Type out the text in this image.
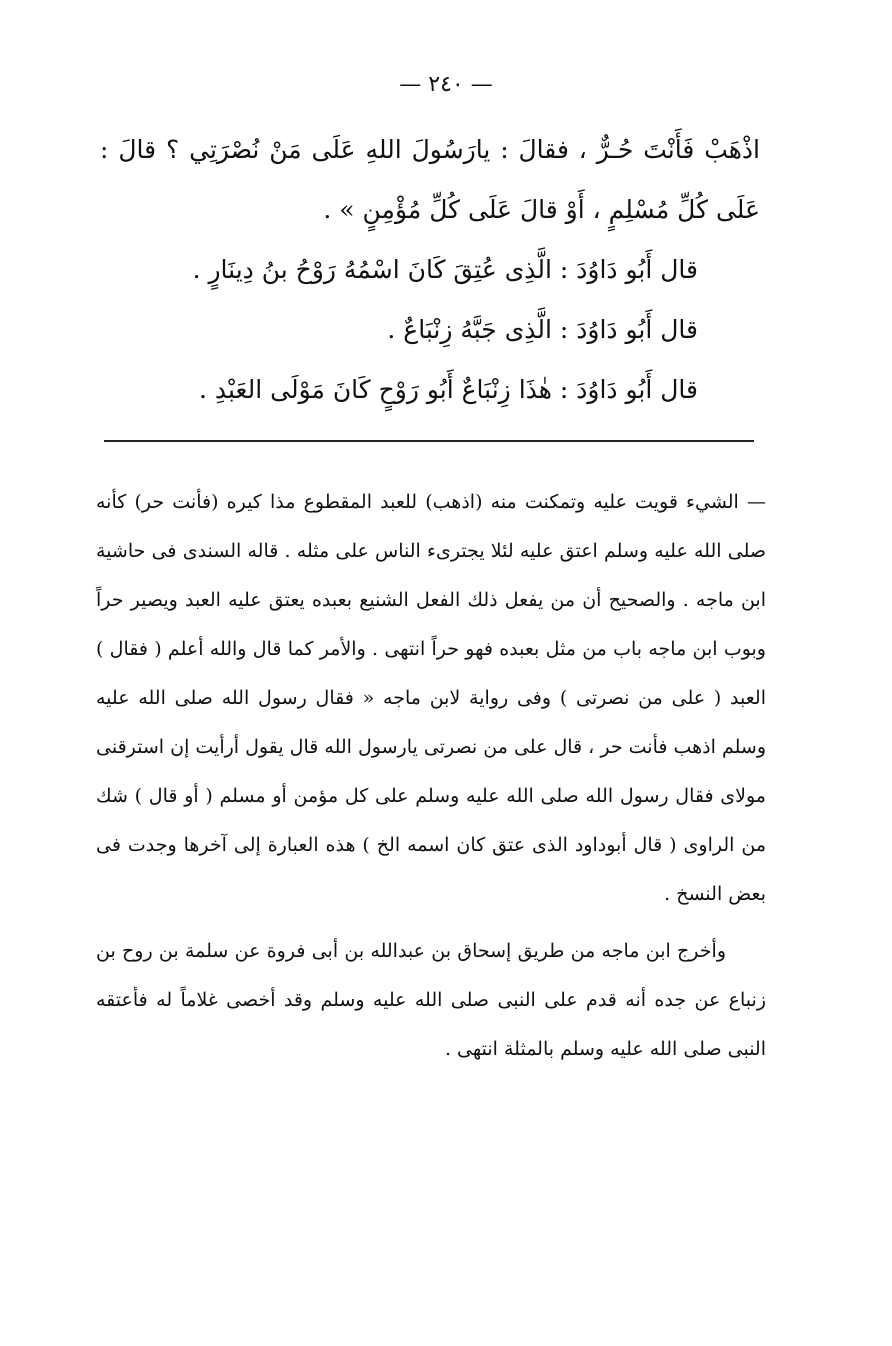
— ٢٤٠ —

اذْهَبْ فَأَنْتَ حُـرٌّ ، فقالَ : يارَسُولَ اللهِ عَلَى مَنْ نُصْرَتِي ؟ قالَ : عَلَى كُلِّ مُسْلِمٍ ، أَوْ قالَ عَلَى كُلِّ مُؤْمِنٍ » .

قال أَبُو دَاوُدَ : الَّذِى عُتِقَ كَانَ اسْمُهُ رَوْحُ بنُ دِينَارٍ .

قال أَبُو دَاوُدَ : الَّذِى جَبَّهُ زِنْبَاعٌ .

قال أَبُو دَاوُدَ : هٰذَا زِنْبَاعٌ أَبُو رَوْحٍ كَانَ مَوْلَى العَبْدِ .

— الشيء قويت عليه وتمكنت منه (اذهب) للعبد المقطوع مذا كيره (فأنت حر) كأنه صلى الله عليه وسلم اعتق عليه لئلا يجترىء الناس على مثله . قاله السندى فى حاشية ابن ماجه . والصحيح أن من يفعل ذلك الفعل الشنيع بعبده يعتق عليه العبد ويصير حراً وبوب ابن ماجه باب من مثل بعبده فهو حراً انتهى . والأمر كما قال والله أعلم ( فقال ) العبد ( على من نصرتى ) وفى رواية لابن ماجه « فقال رسول الله صلى الله عليه وسلم اذهب فأنت حر ، قال على من نصرتى يارسول الله قال يقول أرأيت إن استرقنى مولاى فقال رسول الله صلى الله عليه وسلم على كل مؤمن أو مسلم ( أو قال ) شك من الراوى ( قال أبوداود الذى عتق كان اسمه الخ ) هذه العبارة إلى آخرها وجدت فى بعض النسخ .

وأخرج ابن ماجه من طريق إسحاق بن عبدالله بن أبى فروة عن سلمة بن روح بن زنباع عن جده أنه قدم على النبى صلى الله عليه وسلم وقد أخصى غلاماً له فأعتقه النبى صلى الله عليه وسلم بالمثلة انتهى .
